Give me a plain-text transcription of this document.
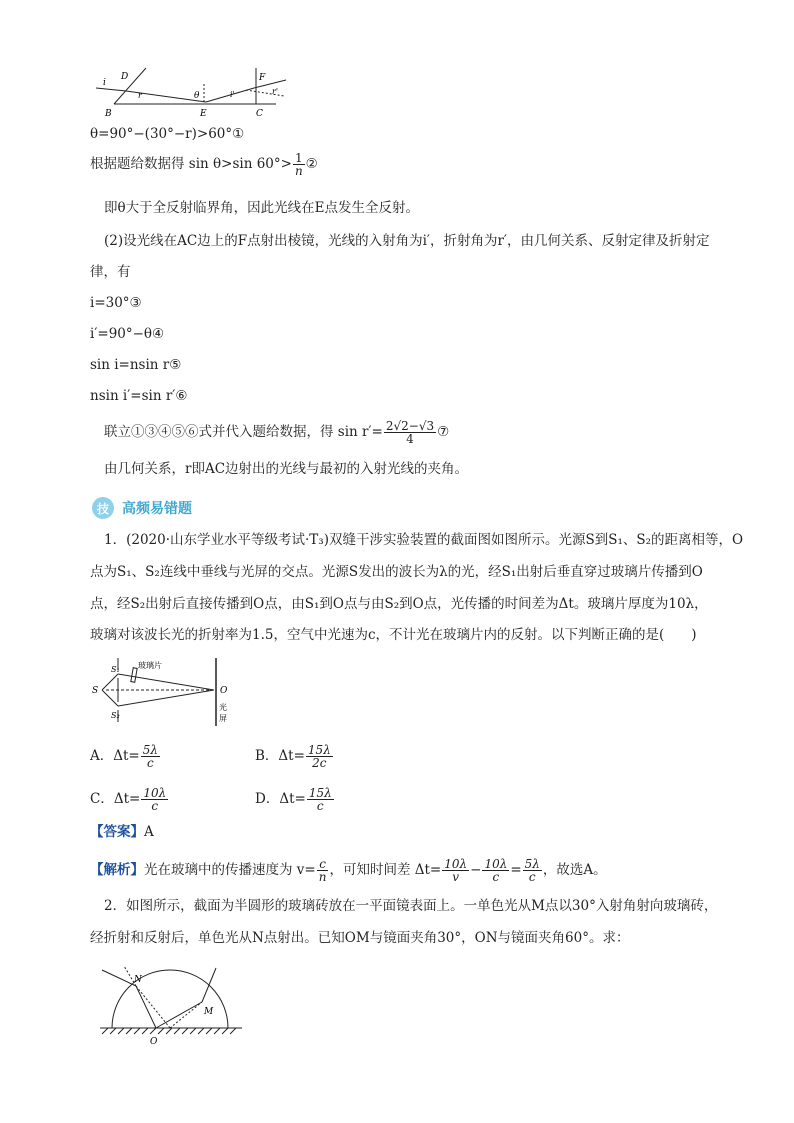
i
D
r	θ	i'
F
r'
B	E	C
θ=90°−(30°−r)>60°①
根据题给数据得 sin θ>sin $60^\circ> \frac{1}{n}$ ②
即θ大于全反射临界角，因此光线在E点发生全反射。
(2)设光线在AC边上的F点射出棱镜，光线的入射角为i′，折射角为r′，由几何关系、反射定律及折射定
律，有
i=30°③
i′=90°−θ④
sin i=nsin r⑤
nsin i′=sin r′⑥
联立①③④⑤⑥式并代入题给数据，得 $\sin r'= \frac{2√2-√3}{4}$ ⑦
由几何关系，r即AC边射出的光线与最初的入射光线的夹角。
技 高频易错题
1．(2020·山东学业水平等级考试·T₃)双缝干涉实验装置的截面图如图所示。光源S到S₁、S₂的距离相等，O
点为S₁、S₂连线中垂线与光屏的交点。光源S发出的波长为λ的光，经S₁出射后垂直穿过玻璃片传播到O
点，经S₂出射后直接传播到O点，由S₁到O点与由S₂到O点，光传播的时间差为Δt。玻璃片厚度为10λ，
玻璃对该波长光的折射率为1.5，空气中光速为c，不计光在玻璃片内的反射。以下判断正确的是(　　)
S₁ 玻璃片
S	O
光
屏
S₂
A．$\Delta t= \frac{5\lambda}{c}$	B．$\Delta t= \frac{15\lambda}{2c}$
C．$\Delta t= \frac{10\lambda}{c}$	D．$\Delta t= \frac{15\lambda}{c}$
【答案】A
【解析】光在玻璃中的传播速度为 $v= \frac{c}{n}$ ，可知时间差 $\Delta t= \frac{10\lambda}{v} - \frac{10\lambda}{c} = \frac{5\lambda}{c}$ ，故选A。
2．如图所示，截面为半圆形的玻璃砖放在一平面镜表面上。一单色光从M点以30°入射角射向玻璃砖，
经折射和反射后，单色光从N点射出。已知OM与镜面夹角30°，ON与镜面夹角60°。求：
N
M
O
